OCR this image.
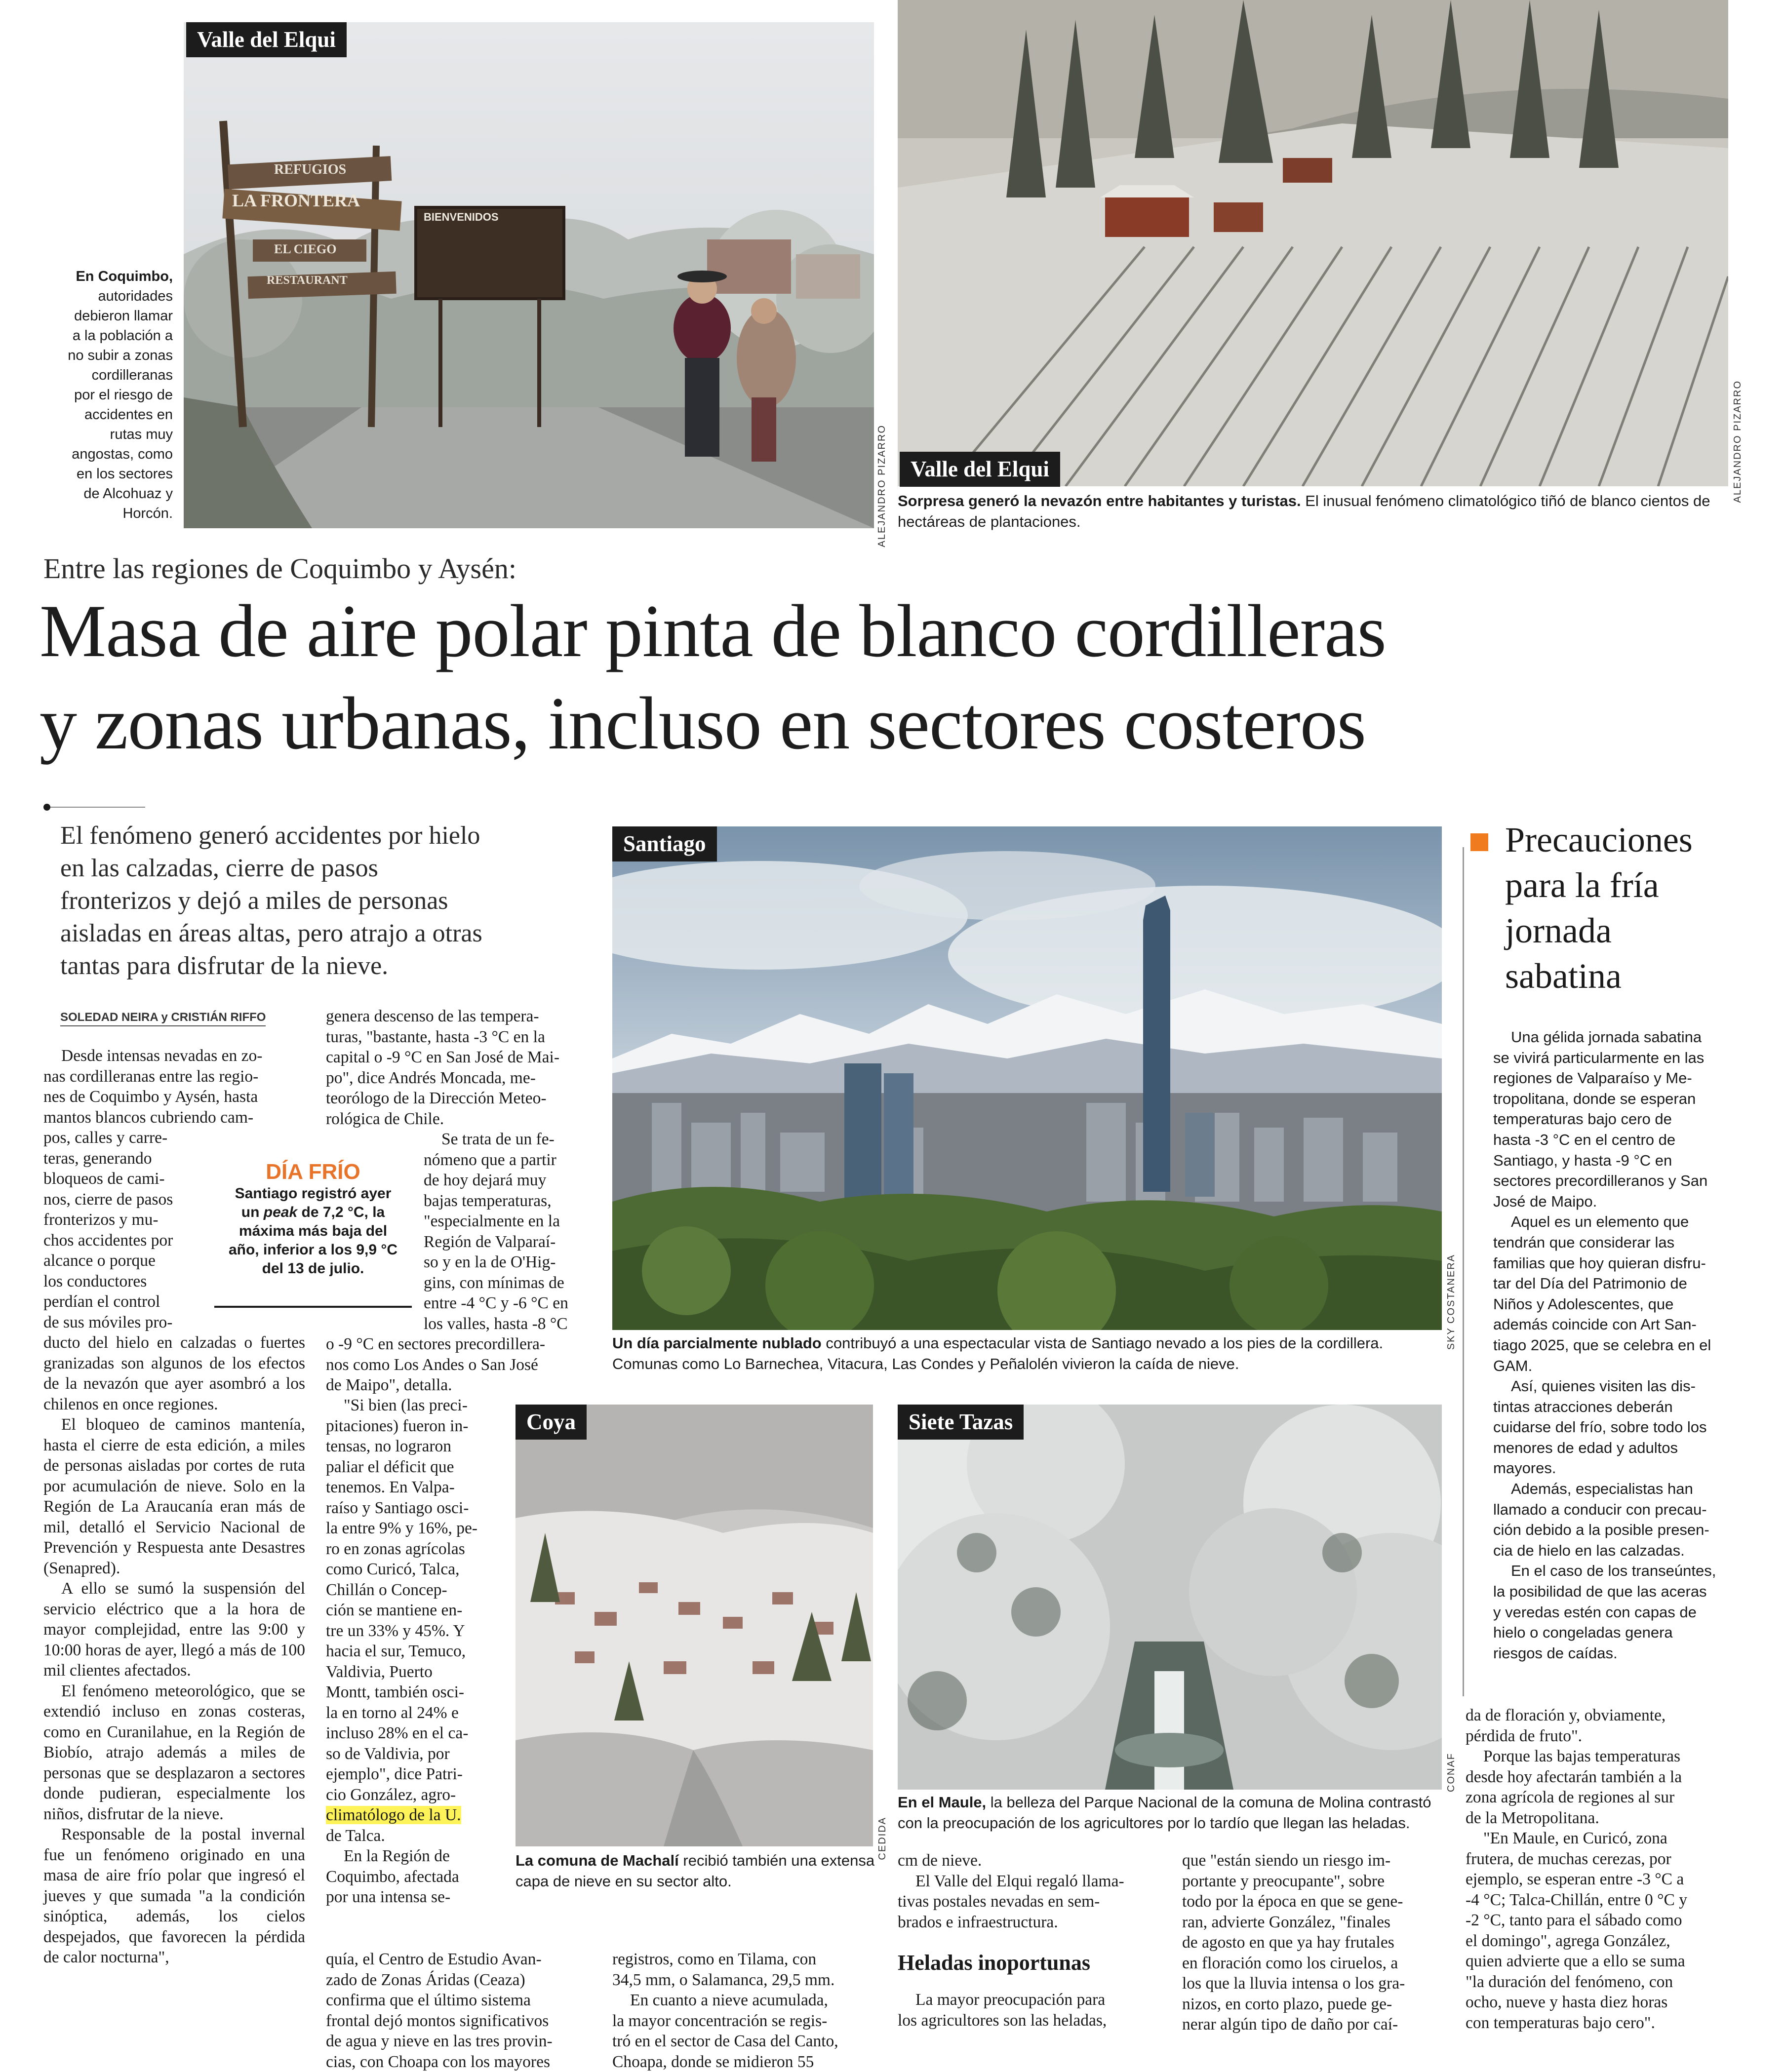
Valle del Elqui
REFUGIOS
LA FRONTERA
EL CIEGO
RESTAURANT
BIENVENIDOS
ALEJANDRO PIZARRO
En Coquimbo,
autoridades
debieron llamar
a la población a
no subir a zonas
cordilleranas
por el riesgo de
accidentes en
rutas muy
angostas, como
en los sectores
de Alcohuaz y
Horcón.
Valle del Elqui	ALEJANDRO PIZARRO
Sorpresa generó la nevazón entre habitantes y turistas. El inusual fenómeno climatológico tiñó de blanco cientos de hectáreas de plantaciones.
Entre las regiones de Coquimbo y Aysén:
Masa de aire polar pinta de blanco cordilleras
y zonas urbanas, incluso en sectores costeros
El fenómeno generó accidentes por hielo
en las calzadas, cierre de pasos
fronterizos y dejó a miles de personas
aisladas en áreas altas, pero atrajo a otras
tantas para disfrutar de la nieve.
SOLEDAD NEIRA y CRISTIÁN RIFFO
Desde intensas nevadas en zo-
nas cordilleranas entre las regio-
nes de Coquimbo y Aysén, hasta
mantos blancos cubriendo cam-
pos, calles y carre-
teras, generando
bloqueos de cami-
nos, cierre de pasos
fronterizos y mu-
chos accidentes por
alcance o porque
los conductores
perdían el control
de sus móviles pro-
DÍA FRÍO
Santiago registró ayer
un peak de 7,2 °C, la
máxima más baja del
año, inferior a los 9,9 °C
del 13 de julio.

ducto del hielo en calzadas o fuertes granizadas son algunos de los efectos de la nevazón que ayer asombró a los chilenos en once regiones.

El bloqueo de caminos mantenía, hasta el cierre de esta edición, a miles de personas aisladas por cortes de ruta por acumulación de nieve. Solo en la Región de La Araucanía eran más de mil, detalló el Servicio Nacional de Prevención y Respuesta ante Desastres (Senapred).

A ello se sumó la suspensión del servicio eléctrico que a la hora de mayor complejidad, entre las 9:00 y 10:00 horas de ayer, llegó a más de 100 mil clientes afectados.

El fenómeno meteorológico, que se extendió incluso en zonas costeras, como en Curanilahue, en la Región de Biobío, atrajo además a miles de personas que se desplazaron a sectores donde pudieran, especialmente los niños, disfrutar de la nieve.

Responsable de la postal invernal fue un fenómeno originado en una masa de aire frío polar que ingresó el jueves y que sumada "a la condición sinóptica, además, los cielos despejados, que favorecen la pérdida de calor nocturna",

genera descenso de las tempera-
turas, "bastante, hasta -3 °C en la
capital o -9 °C en San José de Mai-
po", dice Andrés Moncada, me-
teorólogo de la Dirección Meteo-
rológica de Chile.
Se trata de un fe-
nómeno que a partir
de hoy dejará muy
bajas temperaturas,
"especialmente en la
Región de Valparaí-
so y en la de O'Hig-
gins, con mínimas de
entre -4 °C y -6 °C en
los valles, hasta -8 °C
o -9 °C en sectores precordillera-
nos como Los Andes o San José
de Maipo", detalla.
"Si bien (las preci-
pitaciones) fueron in-
tensas, no lograron
paliar el déficit que
tenemos. En Valpa-
raíso y Santiago osci-
la entre 9% y 16%, pe-
ro en zonas agrícolas
como Curicó, Talca,
Chillán o Concep-
ción se mantiene en-
tre un 33% y 45%. Y
hacia el sur, Temuco,
Valdivia, Puerto
Montt, también osci-
la en torno al 24% e
incluso 28% en el ca-
so de Valdivia, por
ejemplo", dice Patri-
cio González, agro-
climatólogo de la U.
de Talca.
En la Región de
Coquimbo, afectada
por una intensa se-
quía, el Centro de Estudio Avan-
zado de Zonas Áridas (Ceaza)
confirma que el último sistema
frontal dejó montos significativos
de agua y nieve en las tres provin-
cias, con Choapa con los mayores
Santiago
SKY COSTANERA
Un día parcialmente nublado contribuyó a una espectacular vista de Santiago nevado a los pies de la cordillera. Comunas como Lo Barnechea, Vitacura, Las Condes y Peñalolén vivieron la caída de nieve.
Coya
CEDIDA
La comuna de Machalí recibió también una extensa capa de nieve en su sector alto.
Siete Tazas
CONAF
En el Maule, la belleza del Parque Nacional de la comuna de Molina contrastó con la preocupación de los agricultores por lo tardío que llegan las heladas.
registros, como en Tilama, con
34,5 mm, o Salamanca, 29,5 mm.
En cuanto a nieve acumulada,
la mayor concentración se regis-
tró en el sector de Casa del Canto,
Choapa, donde se midieron 55
cm de nieve.
El Valle del Elqui regaló llama-
tivas postales nevadas en sem-
brados e infraestructura.
Heladas inoportunas
La mayor preocupación para
los agricultores son las heladas,
que "están siendo un riesgo im-
portante y preocupante", sobre
todo por la época en que se gene-
ran, advierte González, "finales
de agosto en que ya hay frutales
en floración como los ciruelos, a
los que la lluvia intensa o los gra-
nizos, en corto plazo, puede ge-
nerar algún tipo de daño por caí-
da de floración y, obviamente,
pérdida de fruto".
Porque las bajas temperaturas
desde hoy afectarán también a la
zona agrícola de regiones al sur
de la Metropolitana.
"En Maule, en Curicó, zona
frutera, de muchas cerezas, por
ejemplo, se esperan entre -3 °C a
-4 °C; Talca-Chillán, entre 0 °C y
-2 °C, tanto para el sábado como
el domingo", agrega González,
quien advierte que a ello se suma
"la duración del fenómeno, con
ocho, nueve y hasta diez horas
con temperaturas bajo cero".
Precauciones
para la fría
jornada
sabatina
Una gélida jornada sabatina
se vivirá particularmente en las
regiones de Valparaíso y Me-
tropolitana, donde se esperan
temperaturas bajo cero de
hasta -3 °C en el centro de
Santiago, y hasta -9 °C en
sectores precordilleranos y San
José de Maipo.
Aquel es un elemento que
tendrán que considerar las
familias que hoy quieran disfru-
tar del Día del Patrimonio de
Niños y Adolescentes, que
además coincide con Art San-
tiago 2025, que se celebra en el
GAM.
Así, quienes visiten las dis-
tintas atracciones deberán
cuidarse del frío, sobre todo los
menores de edad y adultos
mayores.
Además, especialistas han
llamado a conducir con precau-
ción debido a la posible presen-
cia de hielo en las calzadas.
En el caso de los transeúntes,
la posibilidad de que las aceras
y veredas estén con capas de
hielo o congeladas genera
riesgos de caídas.
